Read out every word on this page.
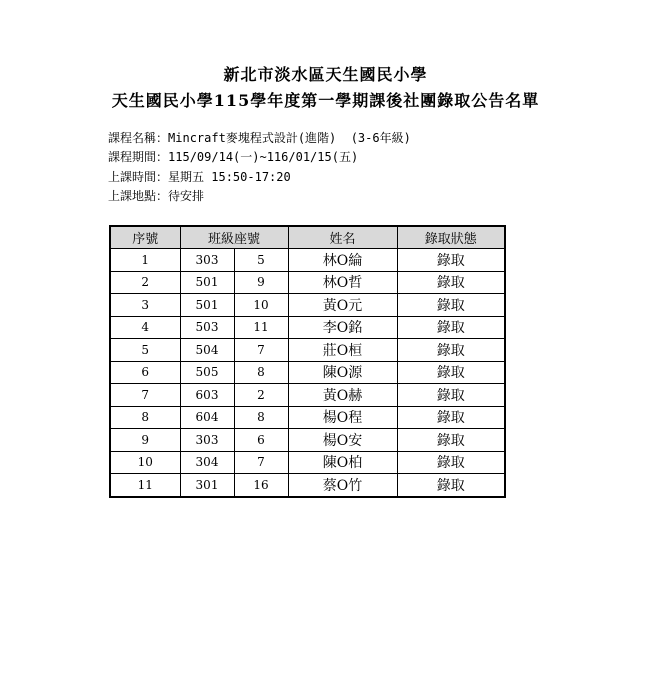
新北市淡水區天生國民小學
天生國民小學115學年度第一學期課後社團錄取公告名單
課程名稱：Mincraft麥塊程式設計(進階)  (3-6年級)
課程期間：115/09/14(一)~116/01/15(五)
上課時間：星期五 15:50-17:20
上課地點：待安排
序號	班級座號		姓名	錄取狀態
1	303	5	林O綸	錄取
2	501	9	林O哲	錄取
3	501	10	黃O元	錄取
4	503	11	李O銘	錄取
5	504	7	莊O桓	錄取
6	505	8	陳O源	錄取
7	603	2	黃O赫	錄取
8	604	8	楊O程	錄取
9	303	6	楊O安	錄取
10	304	7	陳O柏	錄取
11	301	16	蔡O竹	錄取
